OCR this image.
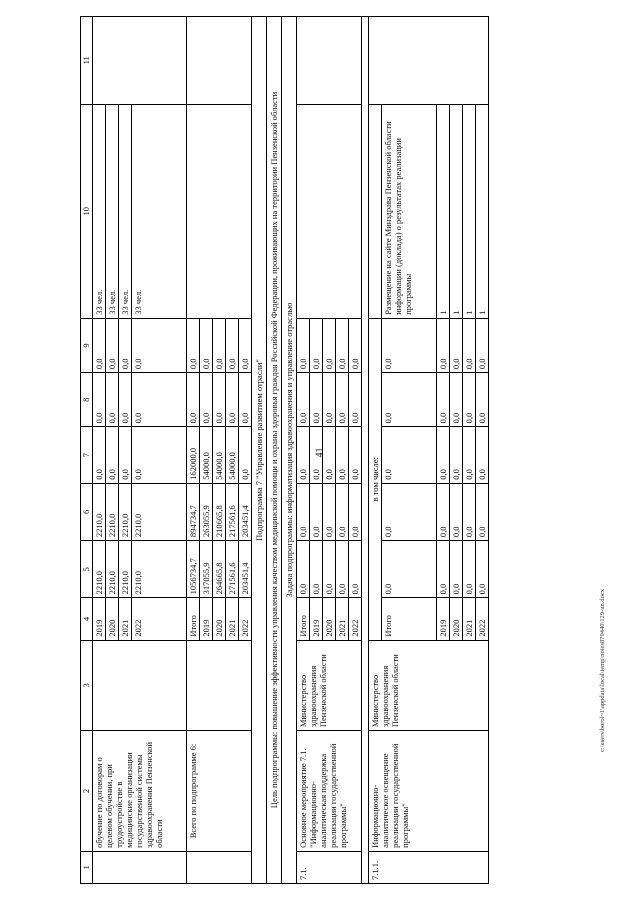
41
1	2	3	4	5	6	7	8	9	10	11
	обучение по договорам о целевом обучении, при трудоустройстве в медицинские организации государственной системы здравоохранения Пензенской области		2019	2210,0	2210,0	0,0	0,0	0,0	33 чел.	
			2020	2210,0	2210,0	0,0	0,0	0,0	33 чел.	
			2021	2210,0	2210,0	0,0	0,0	0,0	33 чел.	
			2022	2210,0	2210,0	0,0	0,0	0,0	33 чел.	
	Всего по подпрограмме 6:		Итого	1056734,7	894734,7	162000,0	0,0	0,0		
			2019	317055,9	263055,9	54000,0	0,0	0,0		
			2020	264665,8	210665,8	54000,0	0,0	0,0		
			2021	271561,6	217561,6	54000,0	0,0	0,0		
			2022	203451,4	203451,4	0,0	0,0	0,0		
Подпрограмма 7 "Управление развитием отрасли"										
Цель подпрограммы: повышение эффективности управления качеством медицинской помощи и охраны здоровья граждан Российской Федерации, проживающих на территории Пензенской области										
Задача подпрограммы: информатизация здравоохранения и управление отраслью										
7.1.	Основное мероприятие 7.1. "Информационно-аналитическая поддержка реализации государственной программы"	Министерство здравоохранения Пензенской области	Итого	0,0	0,0	0,0	0,0	0,0		
			2019	0,0	0,0	0,0	0,0	0,0		
			2020	0,0	0,0	0,0	0,0	0,0		
			2021	0,0	0,0	0,0	0,0	0,0		
			2022	0,0	0,0	0,0	0,0	0,0		

7.1.1.	Информационно-аналитическое освещение реализации государственной программы"	Министерство здравоохранения Пензенской области	в том числе:							
			Итого	0,0	0,0	0,0	0,0	0,0	Размещение на сайте Минздрава Пензенской области информации (доклада) о результатах реализации программы	
			2019	0,0	0,0	0,0	0,0	0,0	1	
			2020	0,0	0,0	0,0	0,0	0,0	1	
			2021	0,0	0,0	0,0	0,0	0,0	1	
			2022	0,0	0,0	0,0	0,0	0,0	1	
c:\users\borol~1\appdata\local\temp\notes879440\129-un.docx
